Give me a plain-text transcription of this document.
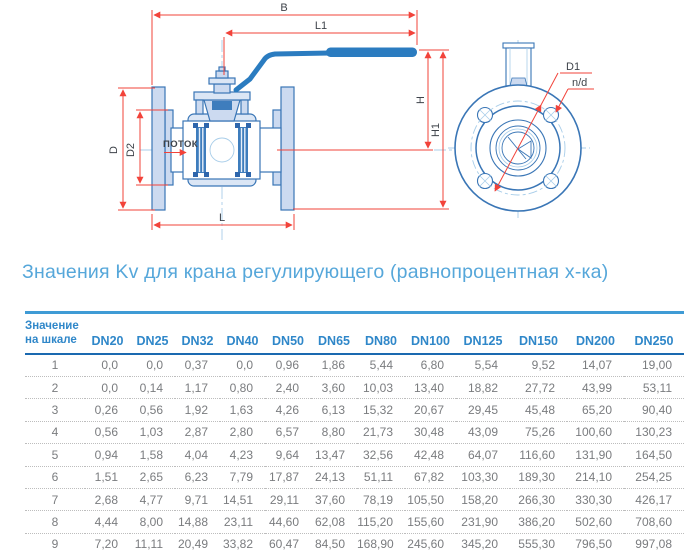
B
L1
L
H
H1
D D2
D1
n/d
ПОТОК
Значения Kv для крана регулирующего (равнопроцентная х-ка)
Значение
на шкале	DN20	DN25	DN32	DN40	DN50	DN65	DN80	DN100	DN125	DN150	DN200	DN250
1	0,0	0,0	0,37	0,0	0,96	1,86	5,44	6,80	5,54	9,52	14,07	19,00
2	0,0	0,14	1,17	0,80	2,40	3,60	10,03	13,40	18,82	27,72	43,99	53,11
3	0,26	0,56	1,92	1,63	4,26	6,13	15,32	20,67	29,45	45,48	65,20	90,40
4	0,56	1,03	2,87	2,80	6,57	8,80	21,73	30,48	43,09	75,26	100,60	130,23
5	0,94	1,58	4,04	4,23	9,64	13,47	32,56	42,48	64,07	116,60	131,90	164,50
6	1,51	2,65	6,23	7,79	17,87	24,13	51,11	67,82	103,30	189,30	214,10	254,25
7	2,68	4,77	9,71	14,51	29,11	37,60	78,19	105,50	158,20	266,30	330,30	426,17
8	4,44	8,00	14,88	23,11	44,60	62,08	115,20	155,60	231,90	386,20	502,60	708,60
9	7,20	11,11	20,49	33,82	60,47	84,50	168,90	245,60	345,20	555,30	796,50	997,08
